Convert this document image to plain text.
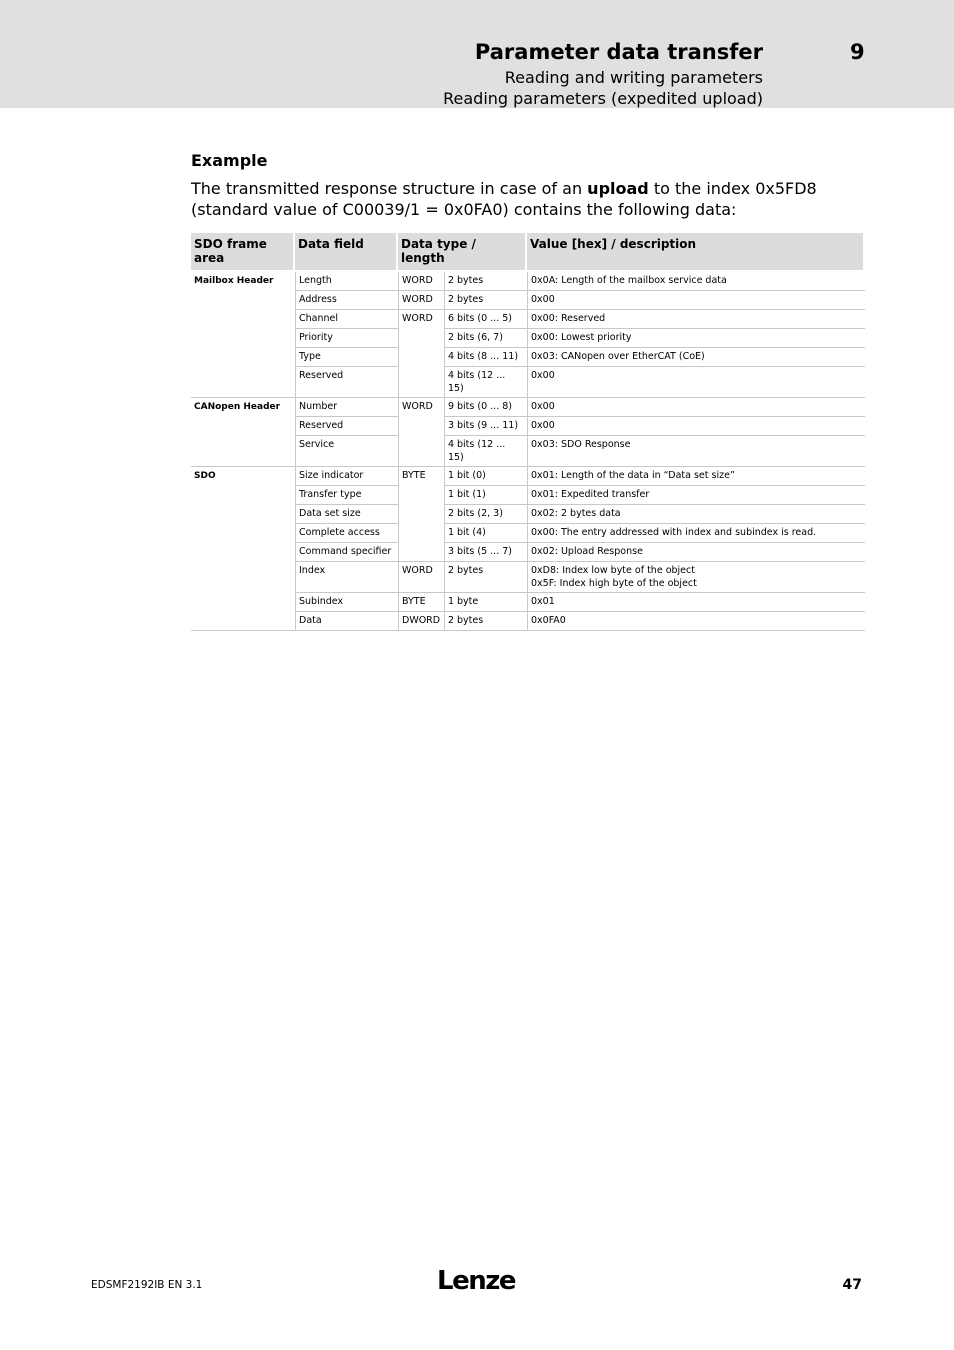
Parameter data transfer	9
Reading and writing parameters
Reading parameters (expedited upload)
Example
The transmitted response structure in case of an upload to the index 0x5FD8 (standard value of C00039/1 = 0x0FA0) contains the following data:
SDO frame area	Data field	Data type / length		Value [hex] / description
Mailbox Header	Length	WORD	2 bytes	0x0A: Length of the mailbox service data

	Address	WORD	2 bytes	0x00

	Channel	WORD	6 bits (0 ... 5)	0x00: Reserved

	Priority		2 bits (6, 7)	0x00: Lowest priority

	Type		4 bits (8 ... 11)	0x03: CANopen over EtherCAT (CoE)

	Reserved		4 bits (12 ... 15)	0x00

CANopen Header	Number	WORD	9 bits (0 ... 8)	0x00

	Reserved		3 bits (9 ... 11)	0x00

	Service		4 bits (12 ... 15)	0x03: SDO Response

SDO	Size indicator	BYTE	1 bit (0)	0x01: Length of the data in “Data set size”

	Transfer type		1 bit (1)	0x01: Expedited transfer

	Data set size		2 bits (2, 3)	0x02: 2 bytes data

	Complete access		1 bit (4)	0x00: The entry addressed with index and subindex is read.

	Command specifier		3 bits (5 ... 7)	0x02: Upload Response

	Index	WORD	2 bytes	0xD8: Index low byte of the object
0x5F: Index high byte of the object

	Subindex	BYTE	1 byte	0x01

	Data	DWORD	2 bytes	0x0FA0
EDSMF2192IB EN 3.1	Lenze	47
